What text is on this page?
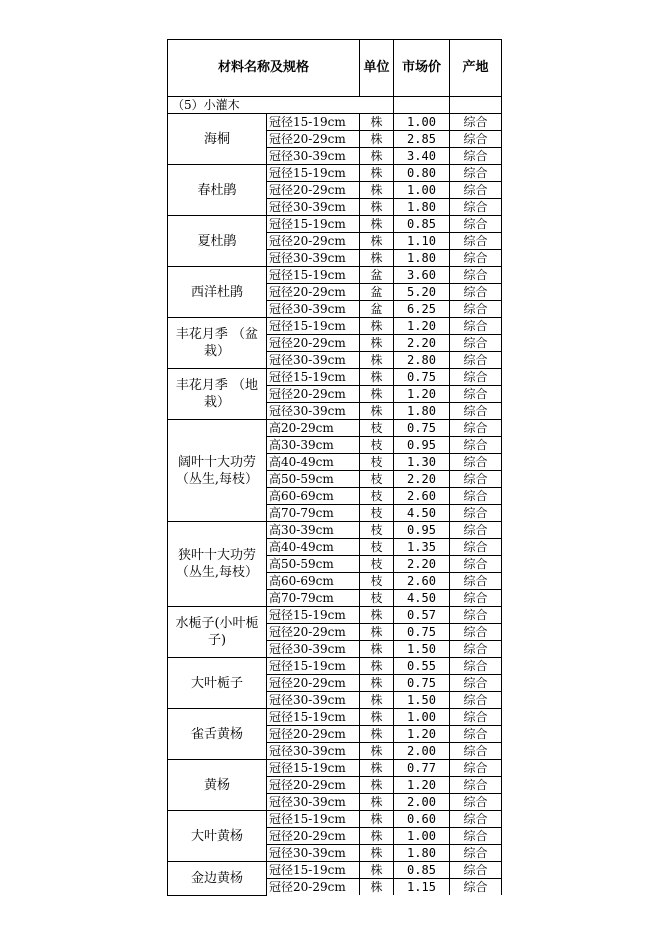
材料名称及规格		单位	市场价	产地
（5）小灌木				
海桐	冠径15-19cm	株	1.00	综合
	冠径20-29cm	株	2.85	综合
	冠径30-39cm	株	3.40	综合
春杜鹃	冠径15-19cm	株	0.80	综合
	冠径20-29cm	株	1.00	综合
	冠径30-39cm	株	1.80	综合
夏杜鹃	冠径15-19cm	株	0.85	综合
	冠径20-29cm	株	1.10	综合
	冠径30-39cm	株	1.80	综合
西洋杜鹃	冠径15-19cm	盆	3.60	综合
	冠径20-29cm	盆	5.20	综合
	冠径30-39cm	盆	6.25	综合
丰花月季 （盆栽）	冠径15-19cm	株	1.20	综合
	冠径20-29cm	株	2.20	综合
	冠径30-39cm	株	2.80	综合
丰花月季 （地栽）	冠径15-19cm	株	0.75	综合
	冠径20-29cm	株	1.20	综合
	冠径30-39cm	株	1.80	综合
阔叶十大功劳（丛生,每枝）	高20-29cm	枝	0.75	综合
	高30-39cm	枝	0.95	综合
	高40-49cm	枝	1.30	综合
	高50-59cm	枝	2.20	综合
	高60-69cm	枝	2.60	综合
	高70-79cm	枝	4.50	综合
狭叶十大功劳（丛生,每枝）	高30-39cm	枝	0.95	综合
	高40-49cm	枝	1.35	综合
	高50-59cm	枝	2.20	综合
	高60-69cm	枝	2.60	综合
	高70-79cm	枝	4.50	综合
水栀子(小叶栀子)	冠径15-19cm	株	0.57	综合
	冠径20-29cm	株	0.75	综合
	冠径30-39cm	株	1.50	综合
大叶栀子	冠径15-19cm	株	0.55	综合
	冠径20-29cm	株	0.75	综合
	冠径30-39cm	株	1.50	综合
雀舌黄杨	冠径15-19cm	株	1.00	综合
	冠径20-29cm	株	1.20	综合
	冠径30-39cm	株	2.00	综合
黄杨	冠径15-19cm	株	0.77	综合
	冠径20-29cm	株	1.20	综合
	冠径30-39cm	株	2.00	综合
大叶黄杨	冠径15-19cm	株	0.60	综合
	冠径20-29cm	株	1.00	综合
	冠径30-39cm	株	1.80	综合
金边黄杨	冠径15-19cm	株	0.85	综合
	冠径20-29cm	株	1.15	综合
